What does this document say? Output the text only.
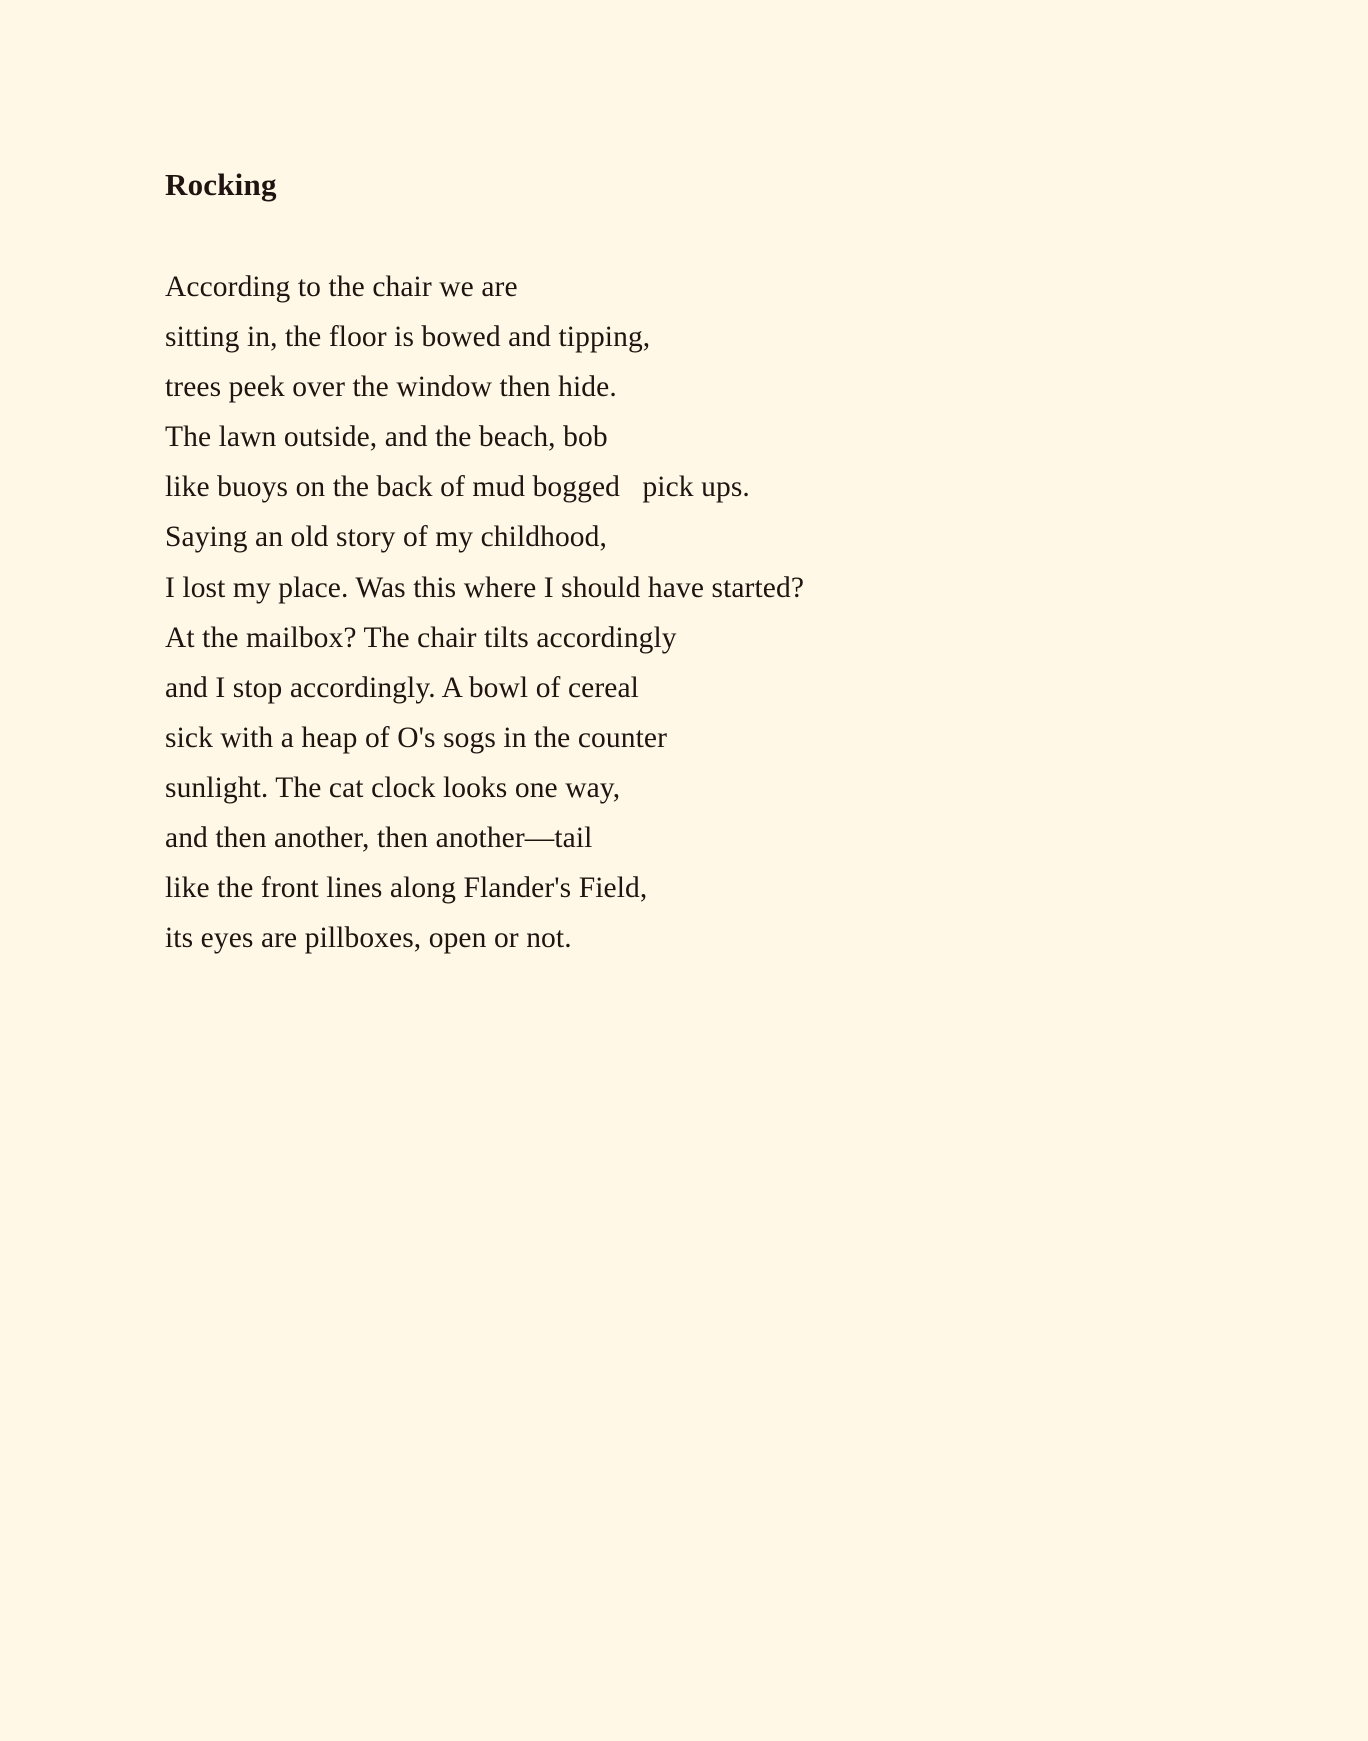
Rocking
According to the chair we are
sitting in, the floor is bowed and tipping,
trees peek over the window then hide.
The lawn outside, and the beach, bob
like buoys on the back of mud bogged   pick ups.
Saying an old story of my childhood,
I lost my place. Was this where I should have started?
At the mailbox? The chair tilts accordingly
and I stop accordingly. A bowl of cereal
sick with a heap of O's sogs in the counter
sunlight. The cat clock looks one way,
and then another, then another—tail
like the front lines along Flander's Field,
its eyes are pillboxes, open or not.
